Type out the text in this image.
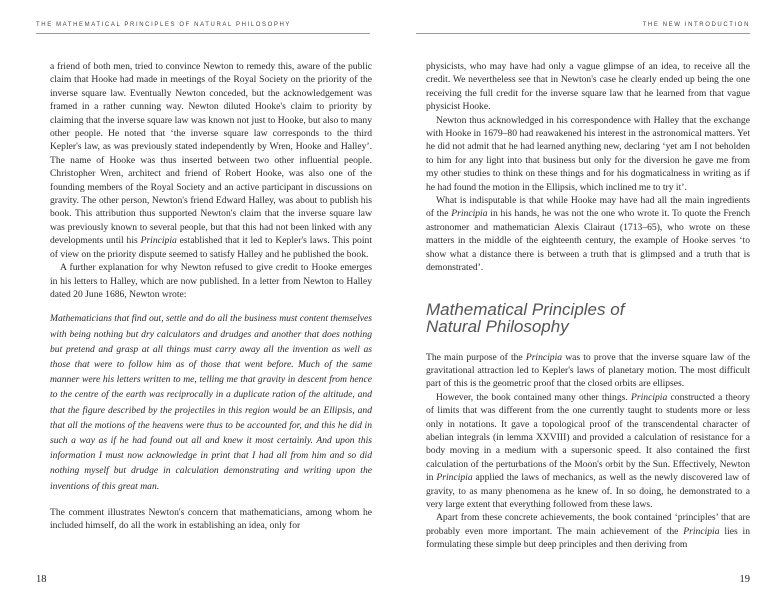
THE MATHEMATICAL PRINCIPLES OF NATURAL PHILOSOPHY

a friend of both men, tried to convince Newton to remedy this, aware of the public claim that Hooke had made in meetings of the Royal Society on the priority of the inverse square law. Eventually Newton conceded, but the acknowledgement was framed in a rather cunning way. Newton diluted Hooke's claim to priority by claiming that the inverse square law was known not just to Hooke, but also to many other people. He noted that ‘the inverse square law corresponds to the third Kepler's law, as was previously stated independently by Wren, Hooke and Halley’. The name of Hooke was thus inserted between two other influential people. Christopher Wren, architect and friend of Robert Hooke, was also one of the founding members of the Royal Society and an active participant in discussions on gravity. The other person, Newton's friend Edward Halley, was about to publish his book. This attribution thus supported Newton's claim that the inverse square law was previously known to several people, but that this had not been linked with any developments until his Principia established that it led to Kepler's laws. This point of view on the priority dispute seemed to satisfy Halley and he published the book.

A further explanation for why Newton refused to give credit to Hooke emerges in his letters to Halley, which are now published. In a letter from Newton to Halley dated 20 June 1686, Newton wrote:

Mathematicians that find out, settle and do all the business must content themselves with being nothing but dry calculators and drudges and another that does nothing but pretend and grasp at all things must carry away all the invention as well as those that were to follow him as of those that went before. Much of the same manner were his letters written to me, telling me that gravity in descent from hence to the centre of the earth was reciprocally in a duplicate ration of the altitude, and that the figure described by the projectiles in this region would be an Ellipsis, and that all the motions of the heavens were thus to be accounted for, and this he did in such a way as if he had found out all and knew it most certainly. And upon this information I must now acknowledge in print that I had all from him and so did nothing myself but drudge in calculation demonstrating and writing upon the inventions of this great man.

The comment illustrates Newton's concern that mathematicians, among whom he included himself, do all the work in establishing an idea, only for

18
THE NEW INTRODUCTION

physicists, who may have had only a vague glimpse of an idea, to receive all the credit. We nevertheless see that in Newton's case he clearly ended up being the one receiving the full credit for the inverse square law that he learned from that vague physicist Hooke.

Newton thus acknowledged in his correspondence with Halley that the exchange with Hooke in 1679–80 had reawakened his interest in the astronomical matters. Yet he did not admit that he had learned anything new, declaring ‘yet am I not beholden to him for any light into that business but only for the diversion he gave me from my other studies to think on these things and for his dogmaticalness in writing as if he had found the motion in the Ellipsis, which inclined me to try it’.

What is indisputable is that while Hooke may have had all the main ingredients of the Principia in his hands, he was not the one who wrote it. To quote the French astronomer and mathematician Alexis Clairaut (1713–65), who wrote on these matters in the middle of the eighteenth century, the example of Hooke serves ‘to show what a distance there is between a truth that is glimpsed and a truth that is demonstrated’.

Mathematical Principles of
Natural Philosophy

The main purpose of the Principia was to prove that the inverse square law of the gravitational attraction led to Kepler's laws of planetary motion. The most difficult part of this is the geometric proof that the closed orbits are ellipses.

However, the book contained many other things. Principia constructed a theory of limits that was different from the one currently taught to students more or less only in notations. It gave a topological proof of the transcendental character of abelian integrals (in lemma XXVIII) and provided a calculation of resistance for a body moving in a medium with a supersonic speed. It also contained the first calculation of the perturbations of the Moon's orbit by the Sun. Effectively, Newton in Principia applied the laws of mechanics, as well as the newly discovered law of gravity, to as many phenomena as he knew of. In so doing, he demonstrated to a very large extent that everything followed from these laws.

Apart from these concrete achievements, the book contained ‘principles’ that are probably even more important. The main achievement of the Principia lies in formulating these simple but deep principles and then deriving from

19
